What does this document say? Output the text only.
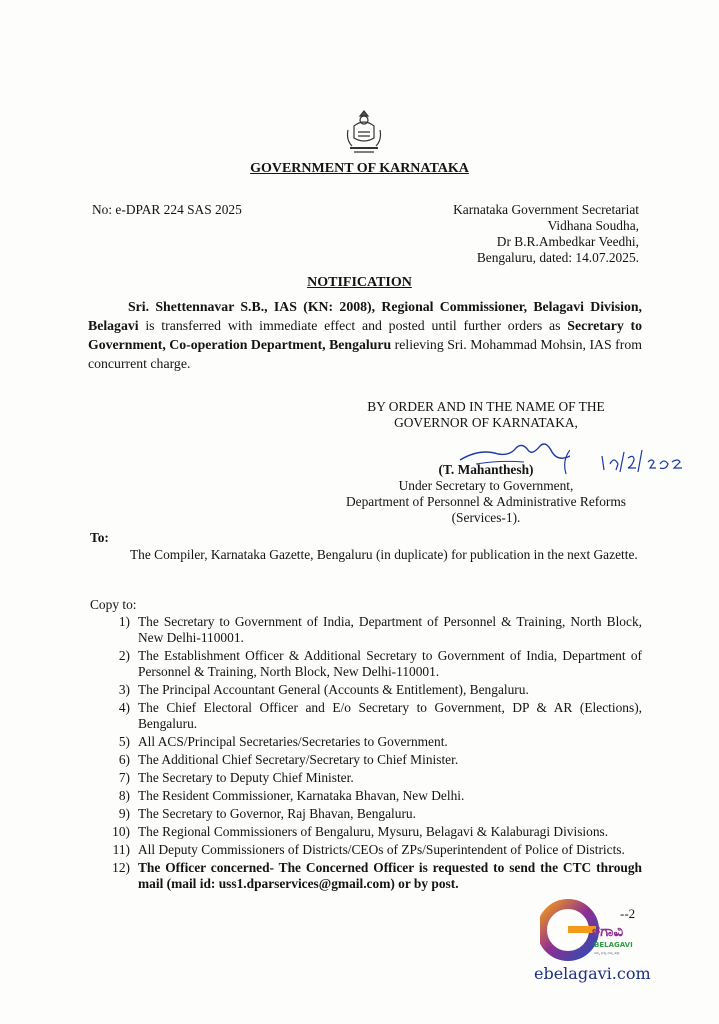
GOVERNMENT OF KARNATAKA
No: e-DPAR 224 SAS 2025	Karnataka Government Secretariat
Vidhana Soudha,
Dr B.R.Ambedkar Veedhi,
Bengaluru, dated: 14.07.2025.
NOTIFICATION
Sri. Shettennavar S.B., IAS (KN: 2008), Regional Commissioner, Belagavi Division, Belagavi is transferred with immediate effect and posted until further orders as Secretary to Government, Co-operation Department, Bengaluru relieving Sri. Mohammad Mohsin, IAS from concurrent charge.
BY ORDER AND IN THE NAME OF THE
GOVERNOR OF KARNATAKA,
(T. Mahanthesh)
Under Secretary to Government,
Department of Personnel & Administrative Reforms
(Services-1).
To:
The Compiler, Karnataka Gazette, Bengaluru (in duplicate) for publication in the next Gazette.
Copy to:
1) The Secretary to Government of India, Department of Personnel & Training, North Block, New Delhi-110001.
2) The Establishment Officer & Additional Secretary to Government of India, Department of Personnel & Training, North Block, New Delhi-110001.
3) The Principal Accountant General (Accounts & Entitlement), Bengaluru.
4) The Chief Electoral Officer and E/o Secretary to Government, DP & AR (Elections), Bengaluru.
5) All ACS/Principal Secretaries/Secretaries to Government.
6) The Additional Chief Secretary/Secretary to Chief Minister.
7) The Secretary to Deputy Chief Minister.
8) The Resident Commissioner, Karnataka Bhavan, New Delhi.
9) The Secretary to Governor, Raj Bhavan, Bengaluru.
10) The Regional Commissioners of Bengaluru, Mysuru, Belagavi & Kalaburagi Divisions.
11) All Deputy Commissioners of Districts/CEOs of ZPs/Superintendent of Police of Districts.
12) The Officer concerned- The Concerned Officer is requested to send the CTC through mail (mail id: uss1.dparservices@gmail.com) or by post.
--2
ಳಗಾವಿ
BELAGAVI
ನಮ್ಮ ಸುದ್ದಿ ನಮ್ಮ ಹಕ್ಕು
ebelagavi.com
